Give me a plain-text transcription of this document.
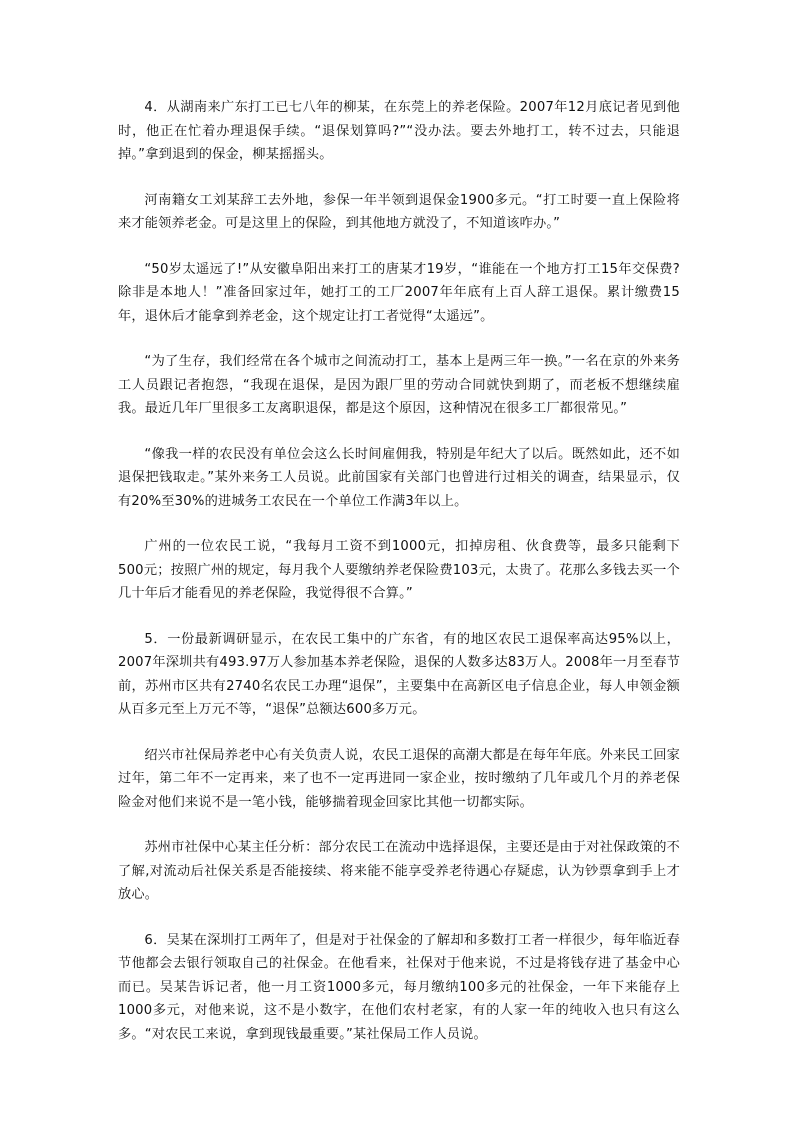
4．从湖南来广东打工已七八年的柳某，在东莞上的养老保险。2007年12月底记者见到他时，他正在忙着办理退保手续。“退保划算吗?”“没办法。要去外地打工，转不过去，只能退掉。”拿到退到的保金，柳某摇摇头。

河南籍女工刘某辞工去外地，参保一年半领到退保金1900多元。“打工时要一直上保险将来才能领养老金。可是这里上的保险，到其他地方就没了，不知道该咋办。”

“50岁太遥远了!”从安徽阜阳出来打工的唐某才19岁，“谁能在一个地方打工15年交保费?除非是本地人！”准备回家过年，她打工的工厂2007年年底有上百人辞工退保。累计缴费15年，退休后才能拿到养老金，这个规定让打工者觉得“太遥远”。

“为了生存，我们经常在各个城市之间流动打工，基本上是两三年一换。”一名在京的外来务工人员跟记者抱怨，“我现在退保，是因为跟厂里的劳动合同就快到期了，而老板不想继续雇我。最近几年厂里很多工友离职退保，都是这个原因，这种情况在很多工厂都很常见。”

“像我一样的农民没有单位会这么长时间雇佣我，特别是年纪大了以后。既然如此，还不如退保把钱取走。”某外来务工人员说。此前国家有关部门也曾进行过相关的调查，结果显示，仅有20%至30%的进城务工农民在一个单位工作满3年以上。

广州的一位农民工说，“我每月工资不到1000元，扣掉房租、伙食费等，最多只能剩下500元；按照广州的规定，每月我个人要缴纳养老保险费103元，太贵了。花那么多钱去买一个几十年后才能看见的养老保险，我觉得很不合算。”

5．一份最新调研显示，在农民工集中的广东省，有的地区农民工退保率高达95%以上，2007年深圳共有493.97万人参加基本养老保险，退保的人数多达83万人。2008年一月至春节前，苏州市区共有2740名农民工办理“退保”，主要集中在高新区电子信息企业，每人申领金额从百多元至上万元不等，“退保”总额达600多万元。

绍兴市社保局养老中心有关负责人说，农民工退保的高潮大都是在每年年底。外来民工回家过年，第二年不一定再来，来了也不一定再进同一家企业，按时缴纳了几年或几个月的养老保险金对他们来说不是一笔小钱，能够揣着现金回家比其他一切都实际。

苏州市社保中心某主任分析：部分农民工在流动中选择退保，主要还是由于对社保政策的不了解,对流动后社保关系是否能接续、将来能不能享受养老待遇心存疑虑，认为钞票拿到手上才放心。

6．吴某在深圳打工两年了，但是对于社保金的了解却和多数打工者一样很少，每年临近春节他都会去银行领取自己的社保金。在他看来，社保对于他来说，不过是将钱存进了基金中心而已。吴某告诉记者，他一月工资1000多元，每月缴纳100多元的社保金，一年下来能存上1000多元，对他来说，这不是小数字，在他们农村老家，有的人家一年的纯收入也只有这么多。“对农民工来说，拿到现钱最重要。”某社保局工作人员说。
